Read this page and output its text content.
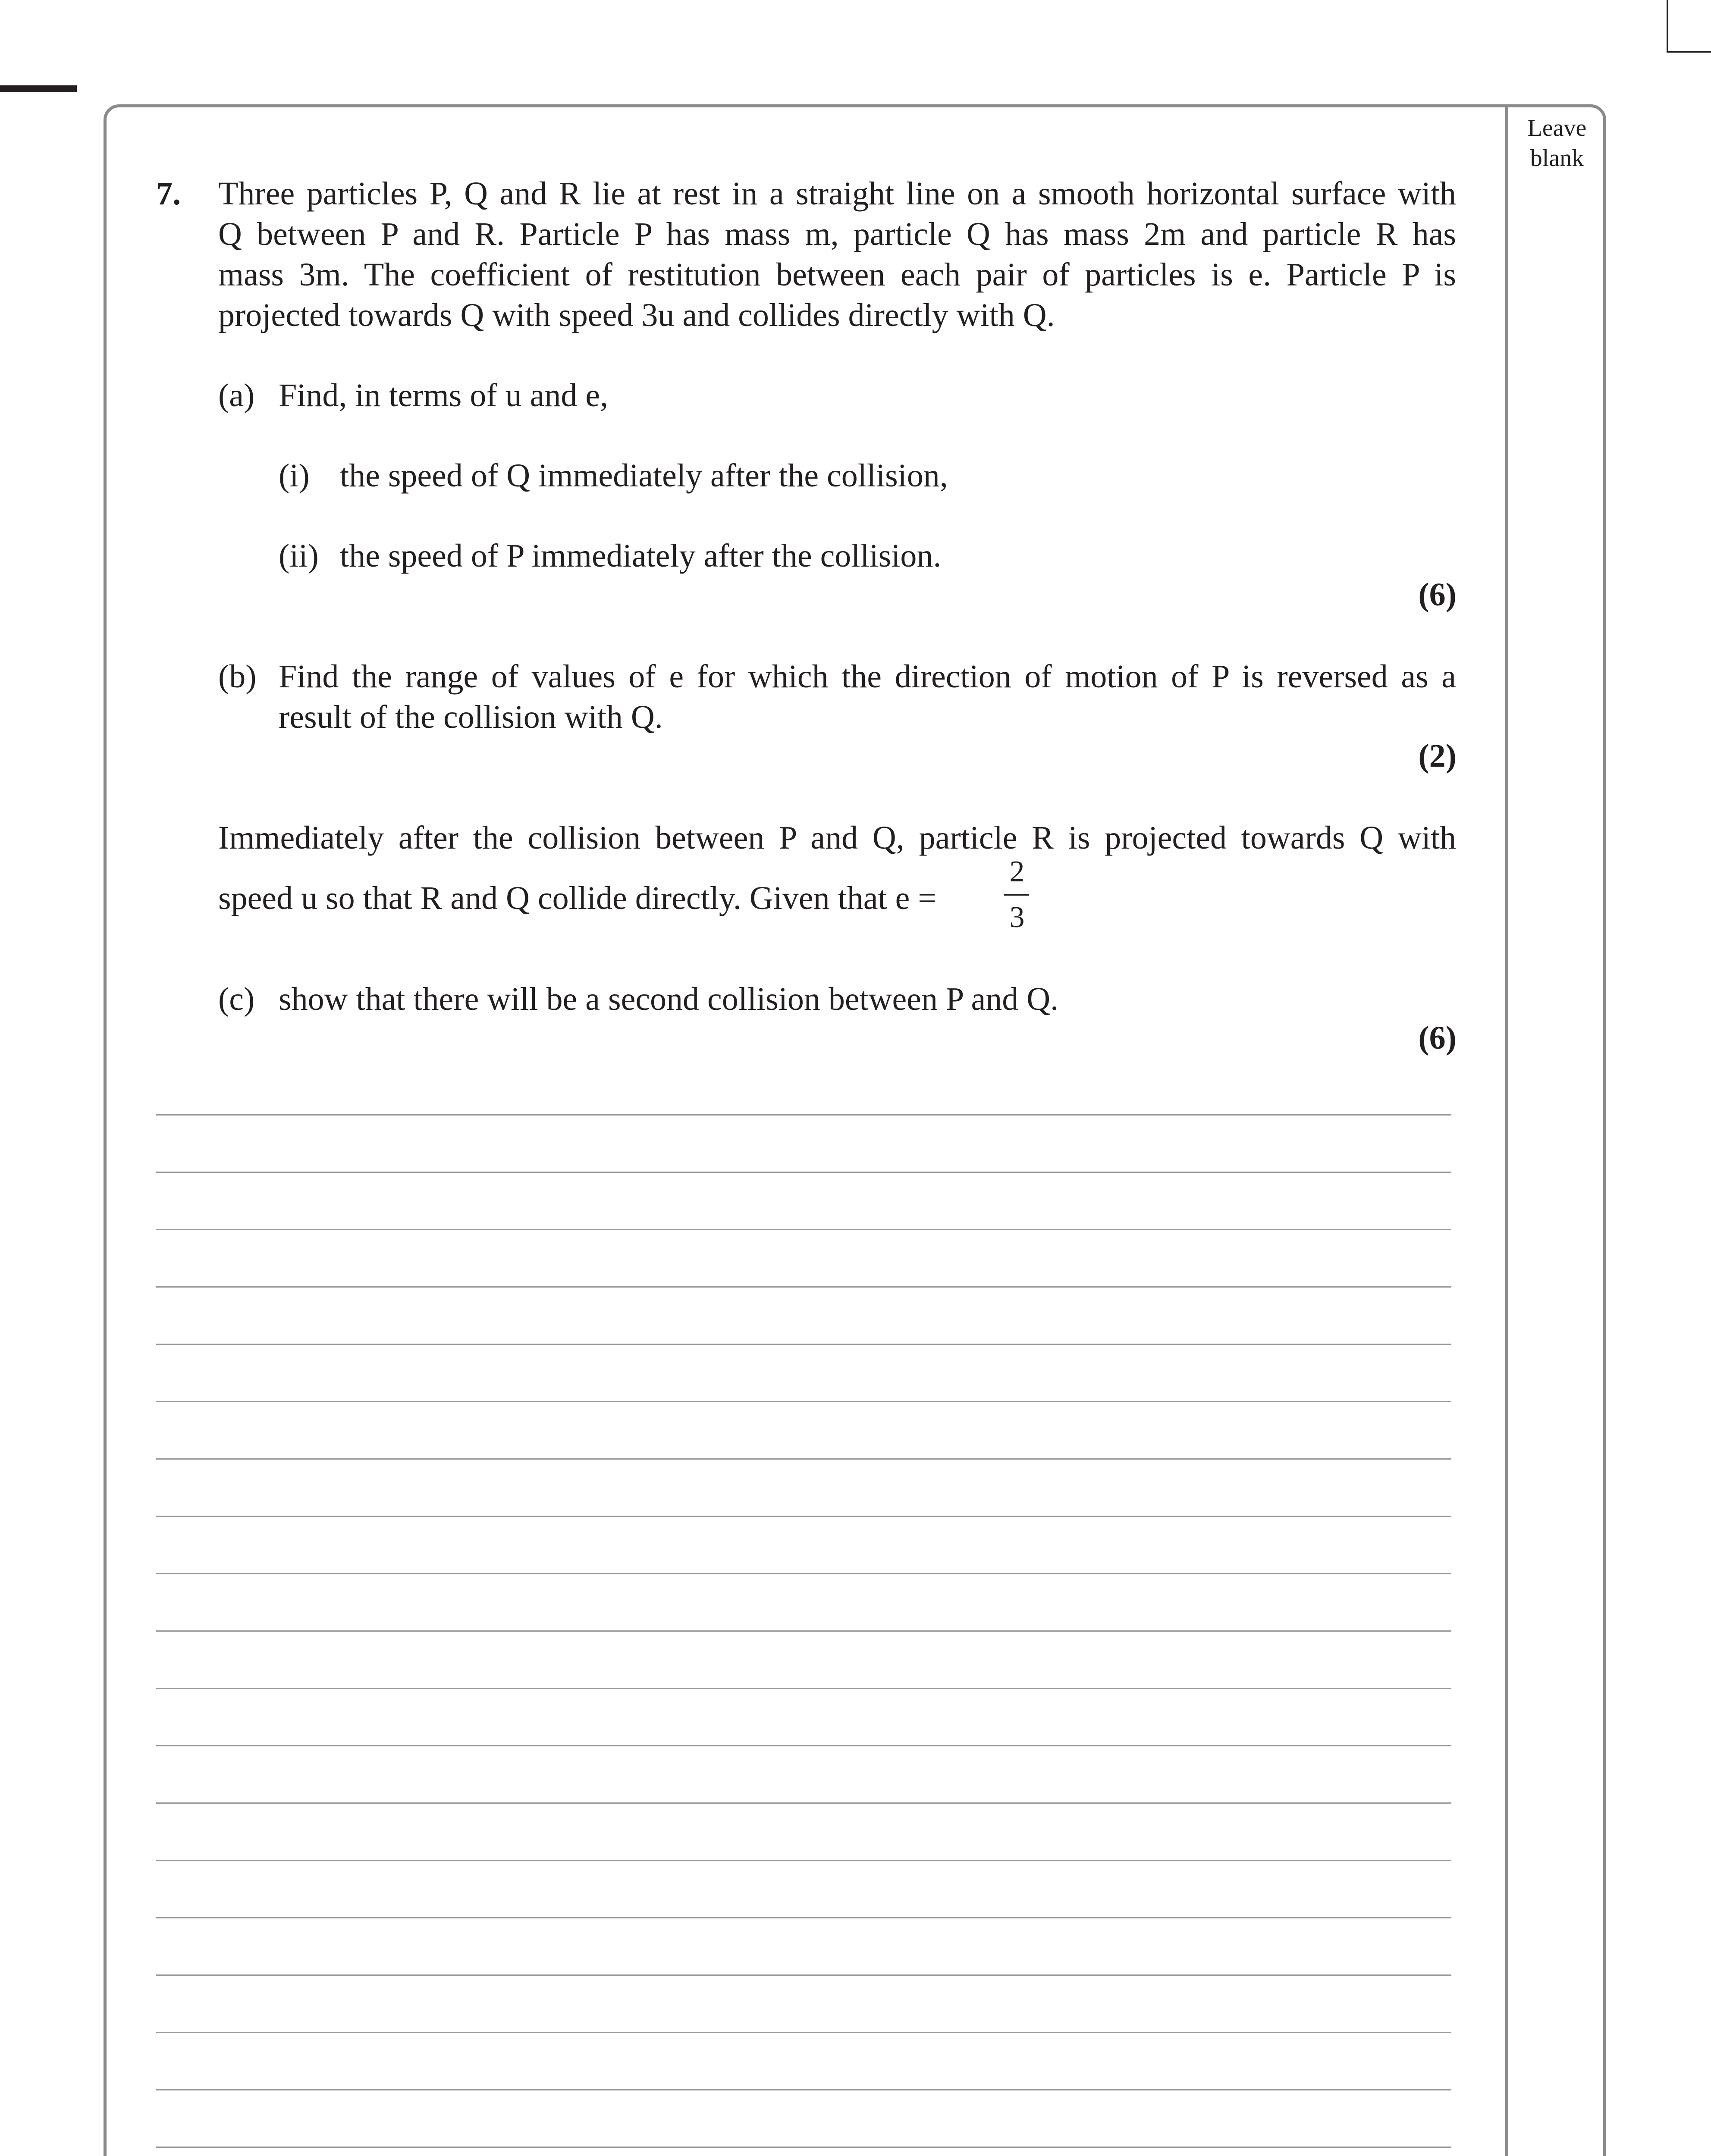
Leave blank
7. Three particles P, Q and R lie at rest in a straight line on a smooth horizontal surface with
Q between P and R. Particle P has mass m, particle Q has mass 2m and particle R has
mass 3m. The coefficient of restitution between each pair of particles is e. Particle P is
projected towards Q with speed 3u and collides directly with Q.
(a) Find, in terms of u and e,
(i) the speed of Q immediately after the collision,
(ii) the speed of P immediately after the collision.
(6)
(b) Find the range of values of e for which the direction of motion of P is reversed as a
result of the collision with Q.
(2)
Immediately after the collision between P and Q, particle R is projected towards Q with
speed u so that R and Q collide directly. Given that e =
2
3
(c) show that there will be a second collision between P and Q.
(6)
